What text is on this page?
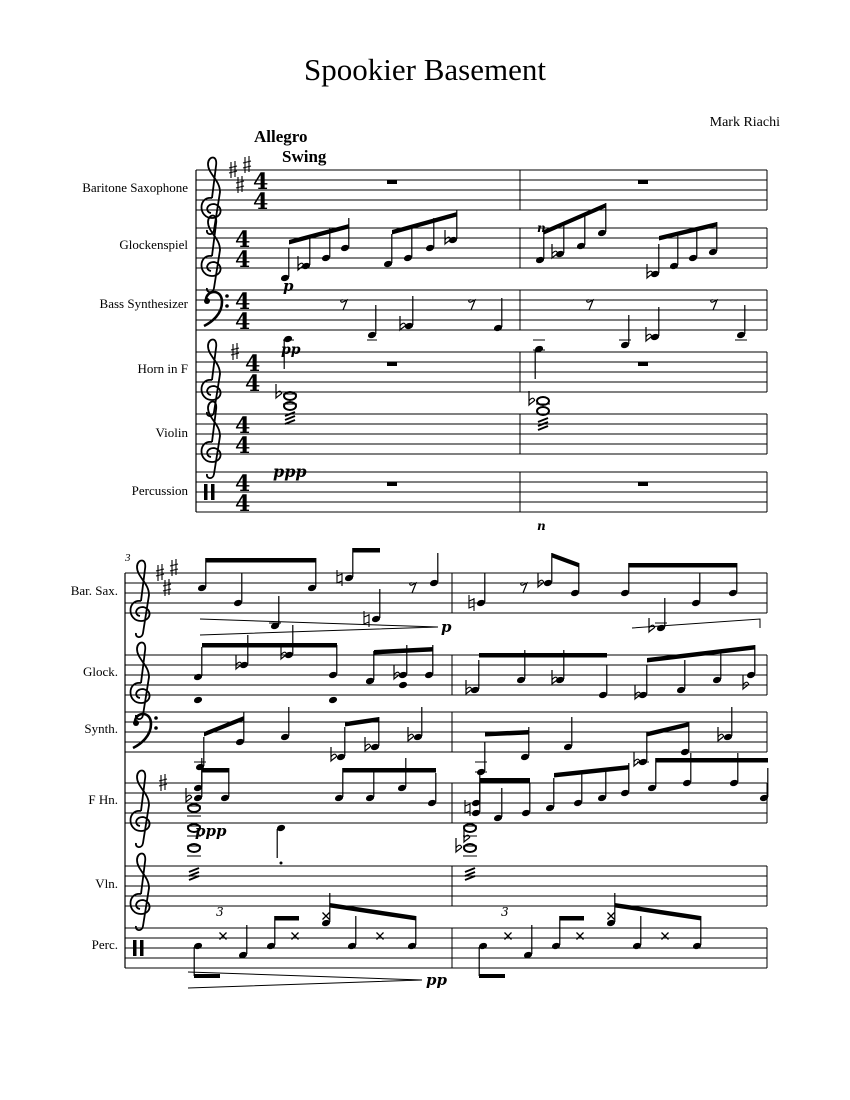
Spookier Basement
Mark Riachi
Allegro
Swing
Baritone Saxophone
Glockenspiel
Bass Synthesizer
Horn in F
Violin
Percussion
Bar. Sax.
Glock.
Synth.
F Hn.
Vln.
Perc.
3
4
4
4
4
4
4
4
4
4
4
4
4
p
n
pp
ppp
n
p
ppp
3	3
pp
